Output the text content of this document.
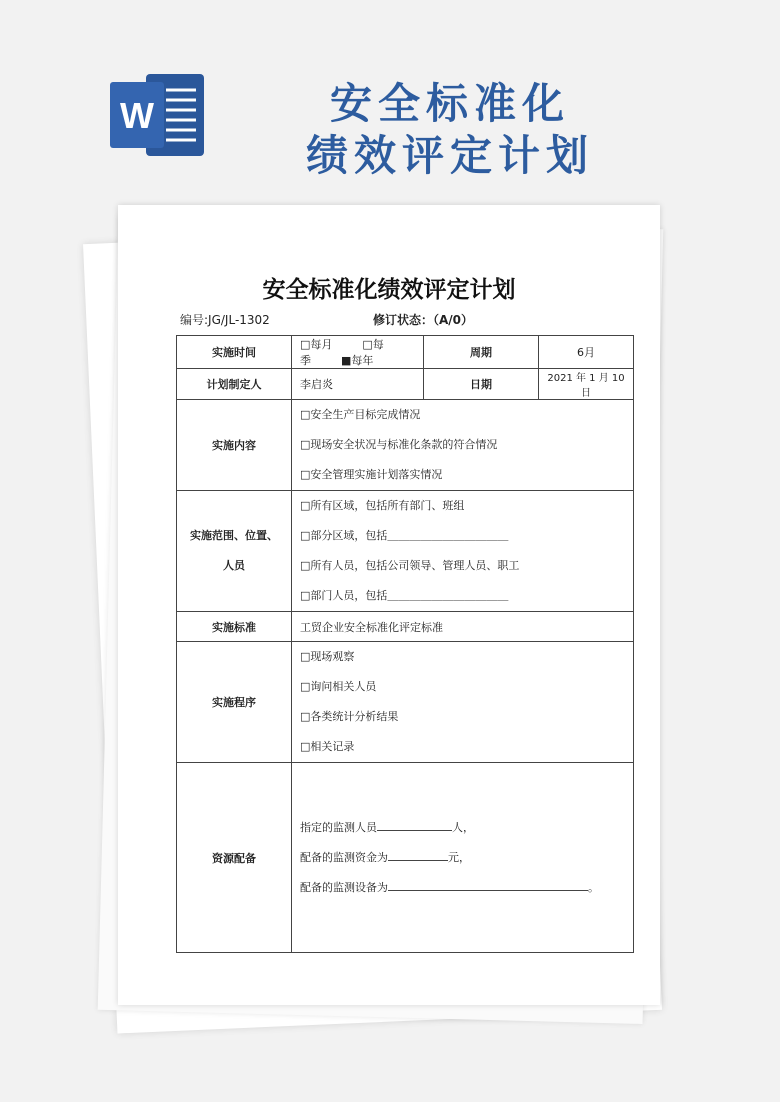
W	安全标准化
绩效评定计划
安全标准化绩效评定计划
编号:JG/JL-1302	修订状态：（A/0）
实施时间	□每月 □每季 ■每年	周期	6月
计划制定人	李启炎	日期	2021 年 1 月 10 日
实施内容	□安全生产目标完成情况
□现场安全状况与标准化条款的符合情况
□安全管理实施计划落实情况		

实施范围、位置、人员	□所有区域，包括所有部门、班组
□部分区域，包括＿＿＿＿＿＿＿＿＿＿＿
□所有人员，包括公司领导、管理人员、职工
□部门人员，包括＿＿＿＿＿＿＿＿＿＿＿		

实施标准	工贸企业安全标准化评定标准		
实施程序	□现场观察
□询问相关人员
□各类统计分析结果
□相关记录		

资源配备	指定的监测人员 人，
配备的监测资金为 元，
配备的监测设备为 。		
